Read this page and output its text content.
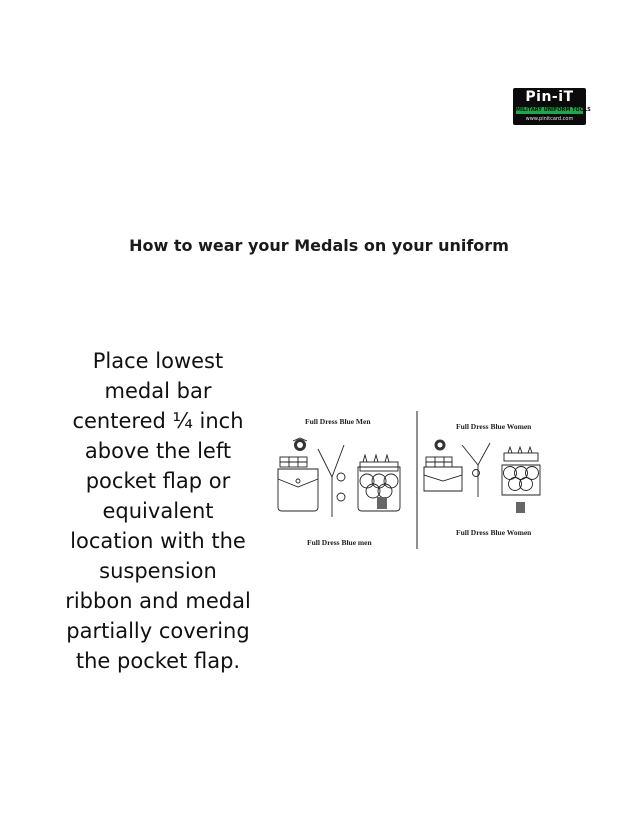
Pin-iT
MILITARY UNIFORM TOOLS
www.pinitcard.com
How to wear your Medals on your uniform
Place lowest medal bar centered ¼ inch above the left pocket flap or equivalent location with the suspension ribbon and medal partially covering the pocket flap.
Full Dress Blue Men
Full Dress Blue men
Full Dress Blue Women
Full Dress Blue Women
